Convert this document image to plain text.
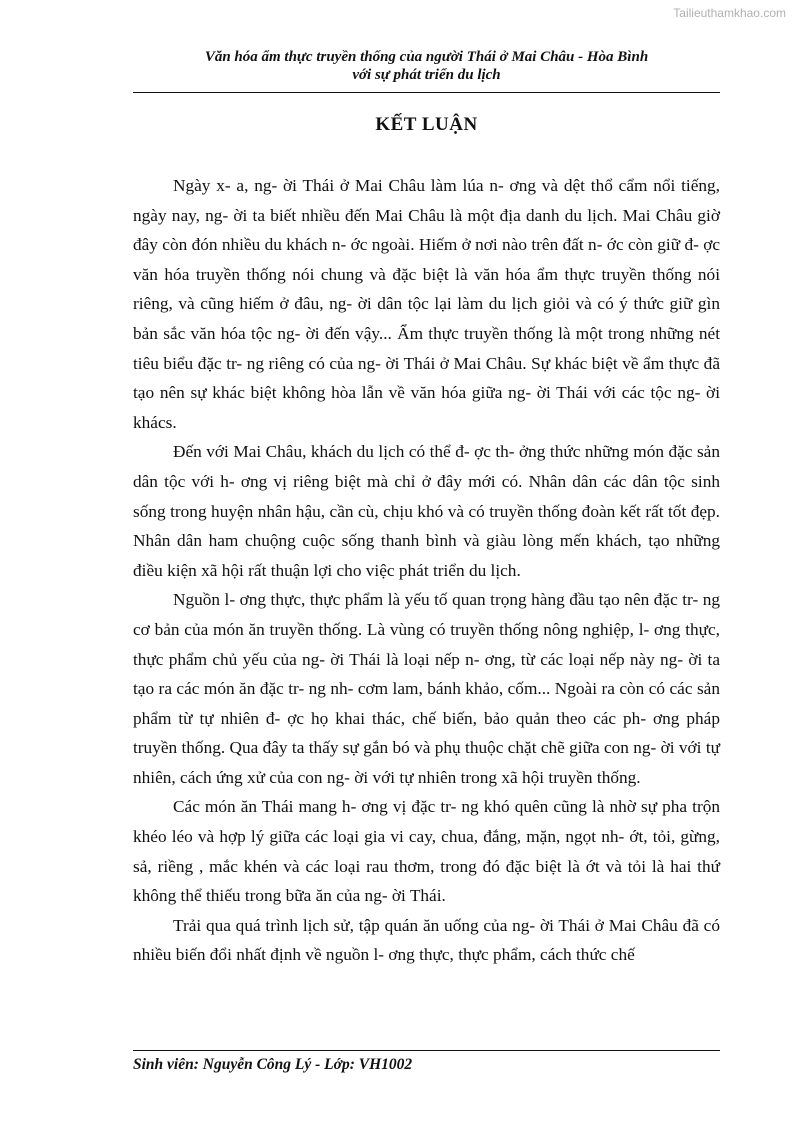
Tailieuthamkhao.com
Văn hóa ẩm thực truyền thống của người Thái ở Mai Châu - Hòa Bình
với sự phát triển du lịch
KẾT LUẬN

Ngày x- a, ng- ời Thái ở Mai Châu làm lúa n- ơng và dệt thổ cẩm nổi tiếng, ngày nay, ng- ời ta biết nhiều đến Mai Châu là một địa danh du lịch. Mai Châu giờ đây còn đón nhiều du khách n- ớc ngoài. Hiếm ở nơi nào trên đất n- ớc còn giữ đ- ợc văn hóa truyền thống nói chung và đặc biệt là văn hóa ẩm thực truyền thống nói riêng, và cũng hiếm ở đâu, ng- ời dân tộc lại làm du lịch giỏi và có ý thức giữ gìn bản sắc văn hóa tộc ng- ời đến vậy... Ẩm thực truyền thống là một trong những nét tiêu biểu đặc tr- ng riêng có của ng- ời Thái ở Mai Châu. Sự khác biệt về ẩm thực đã tạo nên sự khác biệt không hòa lẫn về văn hóa giữa ng- ời Thái với các tộc ng- ời khács.

Đến với Mai Châu, khách du lịch có thể đ- ợc th- ởng thức những món đặc sản dân tộc với h- ơng vị riêng biệt mà chỉ ở đây mới có. Nhân dân các dân tộc sinh sống trong huyện nhân hậu, cần cù, chịu khó và có truyền thống đoàn kết rất tốt đẹp. Nhân dân ham chuộng cuộc sống thanh bình và giàu lòng mến khách, tạo những điều kiện xã hội rất thuận lợi cho việc phát triển du lịch.

Nguồn l- ơng thực, thực phẩm là yếu tố quan trọng hàng đầu tạo nên đặc tr- ng cơ bản của món ăn truyền thống. Là vùng có truyền thống nông nghiệp, l- ơng thực, thực phẩm chủ yếu của ng- ời Thái là loại nếp n- ơng, từ các loại nếp này ng- ời ta tạo ra các món ăn đặc tr- ng nh- cơm lam, bánh khảo, cốm... Ngoài ra còn có các sản phẩm từ tự nhiên đ- ợc họ khai thác, chế biến, bảo quản theo các ph- ơng pháp truyền thống. Qua đây ta thấy sự gắn bó và phụ thuộc chặt chẽ giữa con ng- ời với tự nhiên, cách ứng xử của con ng- ời với tự nhiên trong xã hội truyền thống.

Các món ăn Thái mang h- ơng vị đặc tr- ng khó quên cũng là nhờ sự pha trộn khéo léo và hợp lý giữa các loại gia vi cay, chua, đắng, mặn, ngọt nh- ớt, tỏi, gừng, sả, riềng , mắc khén và các loại rau thơm, trong đó đặc biệt là ớt và tỏi là hai thứ không thể thiếu trong bữa ăn của ng- ời Thái.

Trải qua quá trình lịch sử, tập quán ăn uống của ng- ời Thái ở Mai Châu đã có nhiều biến đổi nhất định về nguồn l- ơng thực, thực phẩm, cách thức chế

Sinh viên: Nguyễn Công Lý - Lớp: VH1002
